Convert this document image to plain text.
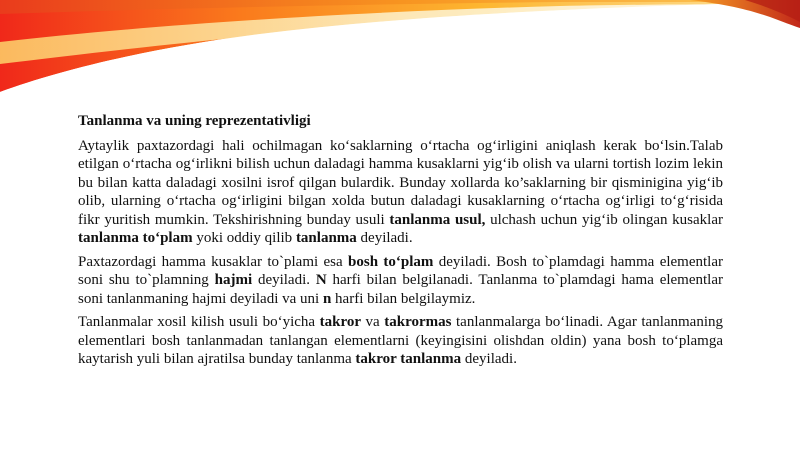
Tanlanma va uning reprezentativligi

Aytaylik paxtazordagi hali ochilmagan ko‘saklarning o‘rtacha og‘irligini aniqlash kerak bo‘lsin.Talab etilgan o‘rtacha og‘irlikni bilish uchun daladagi hamma kusaklarni yig‘ib olish va ularni tortish lozim lekin bu bilan katta daladagi xosilni isrof qilgan bulardik. Bunday xollarda ko’saklarning bir qisminigina yig‘ib olib, ularning o‘rtacha og‘irligini bilgan xolda butun daladagi kusaklarning o‘rtacha og‘irligi to‘g‘risida fikr yuritish mumkin. Tekshirishning bunday usuli tanlanma usul, ulchash uchun yig‘ib olingan kusaklar tanlanma to‘plam yoki oddiy qilib tanlanma deyiladi.

Paxtazordagi hamma kusaklar to`plami esa bosh to‘plam deyiladi. Bosh to`plamdagi hamma elementlar soni shu to`plamning hajmi deyiladi. N harfi bilan belgilanadi. Tanlanma to`plamdagi hama elementlar soni tanlanmaning hajmi deyiladi va uni n harfi bilan belgilaymiz.

Tanlanmalar xosil kilish usuli bo‘yicha takror va takrormas tanlanmalarga bo‘linadi. Agar tanlanmaning elementlari bosh tanlanmadan tanlangan elementlarni (keyingisini olishdan oldin) yana bosh to‘plamga kaytarish yuli bilan ajratilsa bunday tanlanma takror tanlanma deyiladi.
